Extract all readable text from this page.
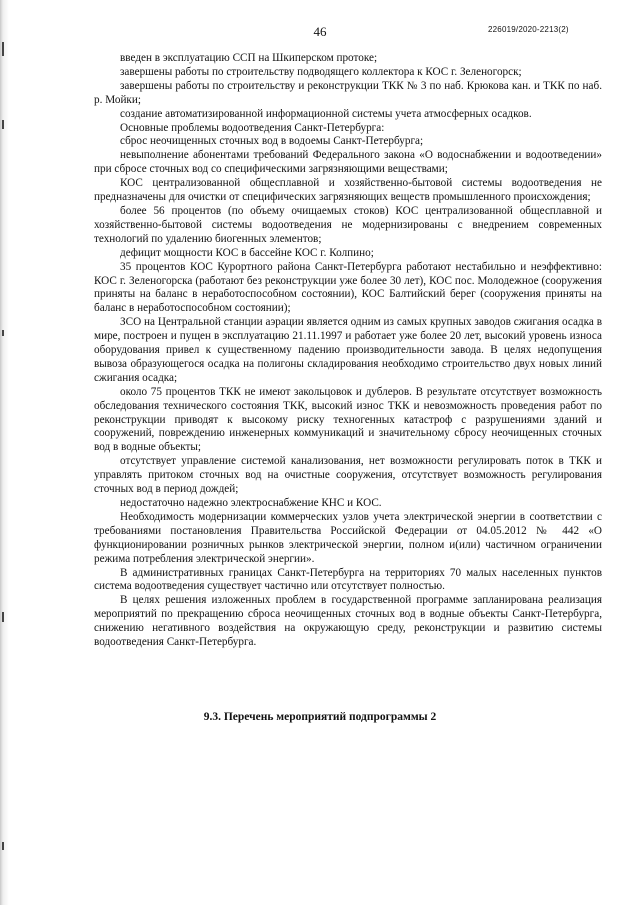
46	226019/2020-2213(2)

введен в эксплуатацию ССП на Шкиперском протоке;

завершены работы по строительству подводящего коллектора к КОС г. Зеленогорск;

завершены работы по строительству и реконструкции ТКК № 3 по наб. Крюкова кан. и ТКК по наб. р. Мойки;

создание автоматизированной информационной системы учета атмосферных осадков.

Основные проблемы водоотведения Санкт-Петербурга:

сброс неочищенных сточных вод в водоемы Санкт-Петербурга;

невыполнение абонентами требований Федерального закона «О водоснабжении и водоотведении» при сбросе сточных вод со специфическими загрязняющими веществами;

КОС централизованной общесплавной и хозяйственно-бытовой системы водоотведения не предназначены для очистки от специфических загрязняющих веществ промышленного происхождения;

более 56 процентов (по объему очищаемых стоков) КОС централизованной общесплавной и хозяйственно-бытовой системы водоотведения не модернизированы с внедрением современных технологий по удалению биогенных элементов;

дефицит мощности КОС в бассейне КОС г. Колпино;

35 процентов КОС Курортного района Санкт-Петербурга работают нестабильно и неэффективно: КОС г. Зеленогорска (работают без реконструкции уже более 30 лет), КОС пос. Молодежное (сооружения приняты на баланс в неработоспособном состоянии), КОС Балтийский берег (сооружения приняты на баланс в неработоспособном состоянии);

ЗСО на Центральной станции аэрации является одним из самых крупных заводов сжигания осадка в мире, построен и пущен в эксплуатацию 21.11.1997 и работает уже более 20 лет, высокий уровень износа оборудования привел к существенному падению производительности завода. В целях недопущения вывоза образующегося осадка на полигоны складирования необходимо строительство двух новых линий сжигания осадка;

около 75 процентов ТКК не имеют закольцовок и дублеров. В результате отсутствует возможность обследования технического состояния ТКК, высокий износ ТКК и невозможность проведения работ по реконструкции приводят к высокому риску техногенных катастроф с разрушениями зданий и сооружений, повреждению инженерных коммуникаций и значительному сбросу неочищенных сточных вод в водные объекты;

отсутствует управление системой канализования, нет возможности регулировать поток в ТКК и управлять притоком сточных вод на очистные сооружения, отсутствует возможность регулирования сточных вод в период дождей;

недостаточно надежно электроснабжение КНС и КОС.

Необходимость модернизации коммерческих узлов учета электрической энергии в соответствии с требованиями постановления Правительства Российской Федерации от 04.05.2012 № 442 «О функционировании розничных рынков электрической энергии, полном и(или) частичном ограничении режима потребления электрической энергии».

В административных границах Санкт-Петербурга на территориях 70 малых населенных пунктов система водоотведения существует частично или отсутствует полностью.

В целях решения изложенных проблем в государственной программе запланирована реализация мероприятий по прекращению сброса неочищенных сточных вод в водные объекты Санкт-Петербурга, снижению негативного воздействия на окружающую среду, реконструкции и развитию системы водоотведения Санкт-Петербурга.

9.3. Перечень мероприятий подпрограммы 2
